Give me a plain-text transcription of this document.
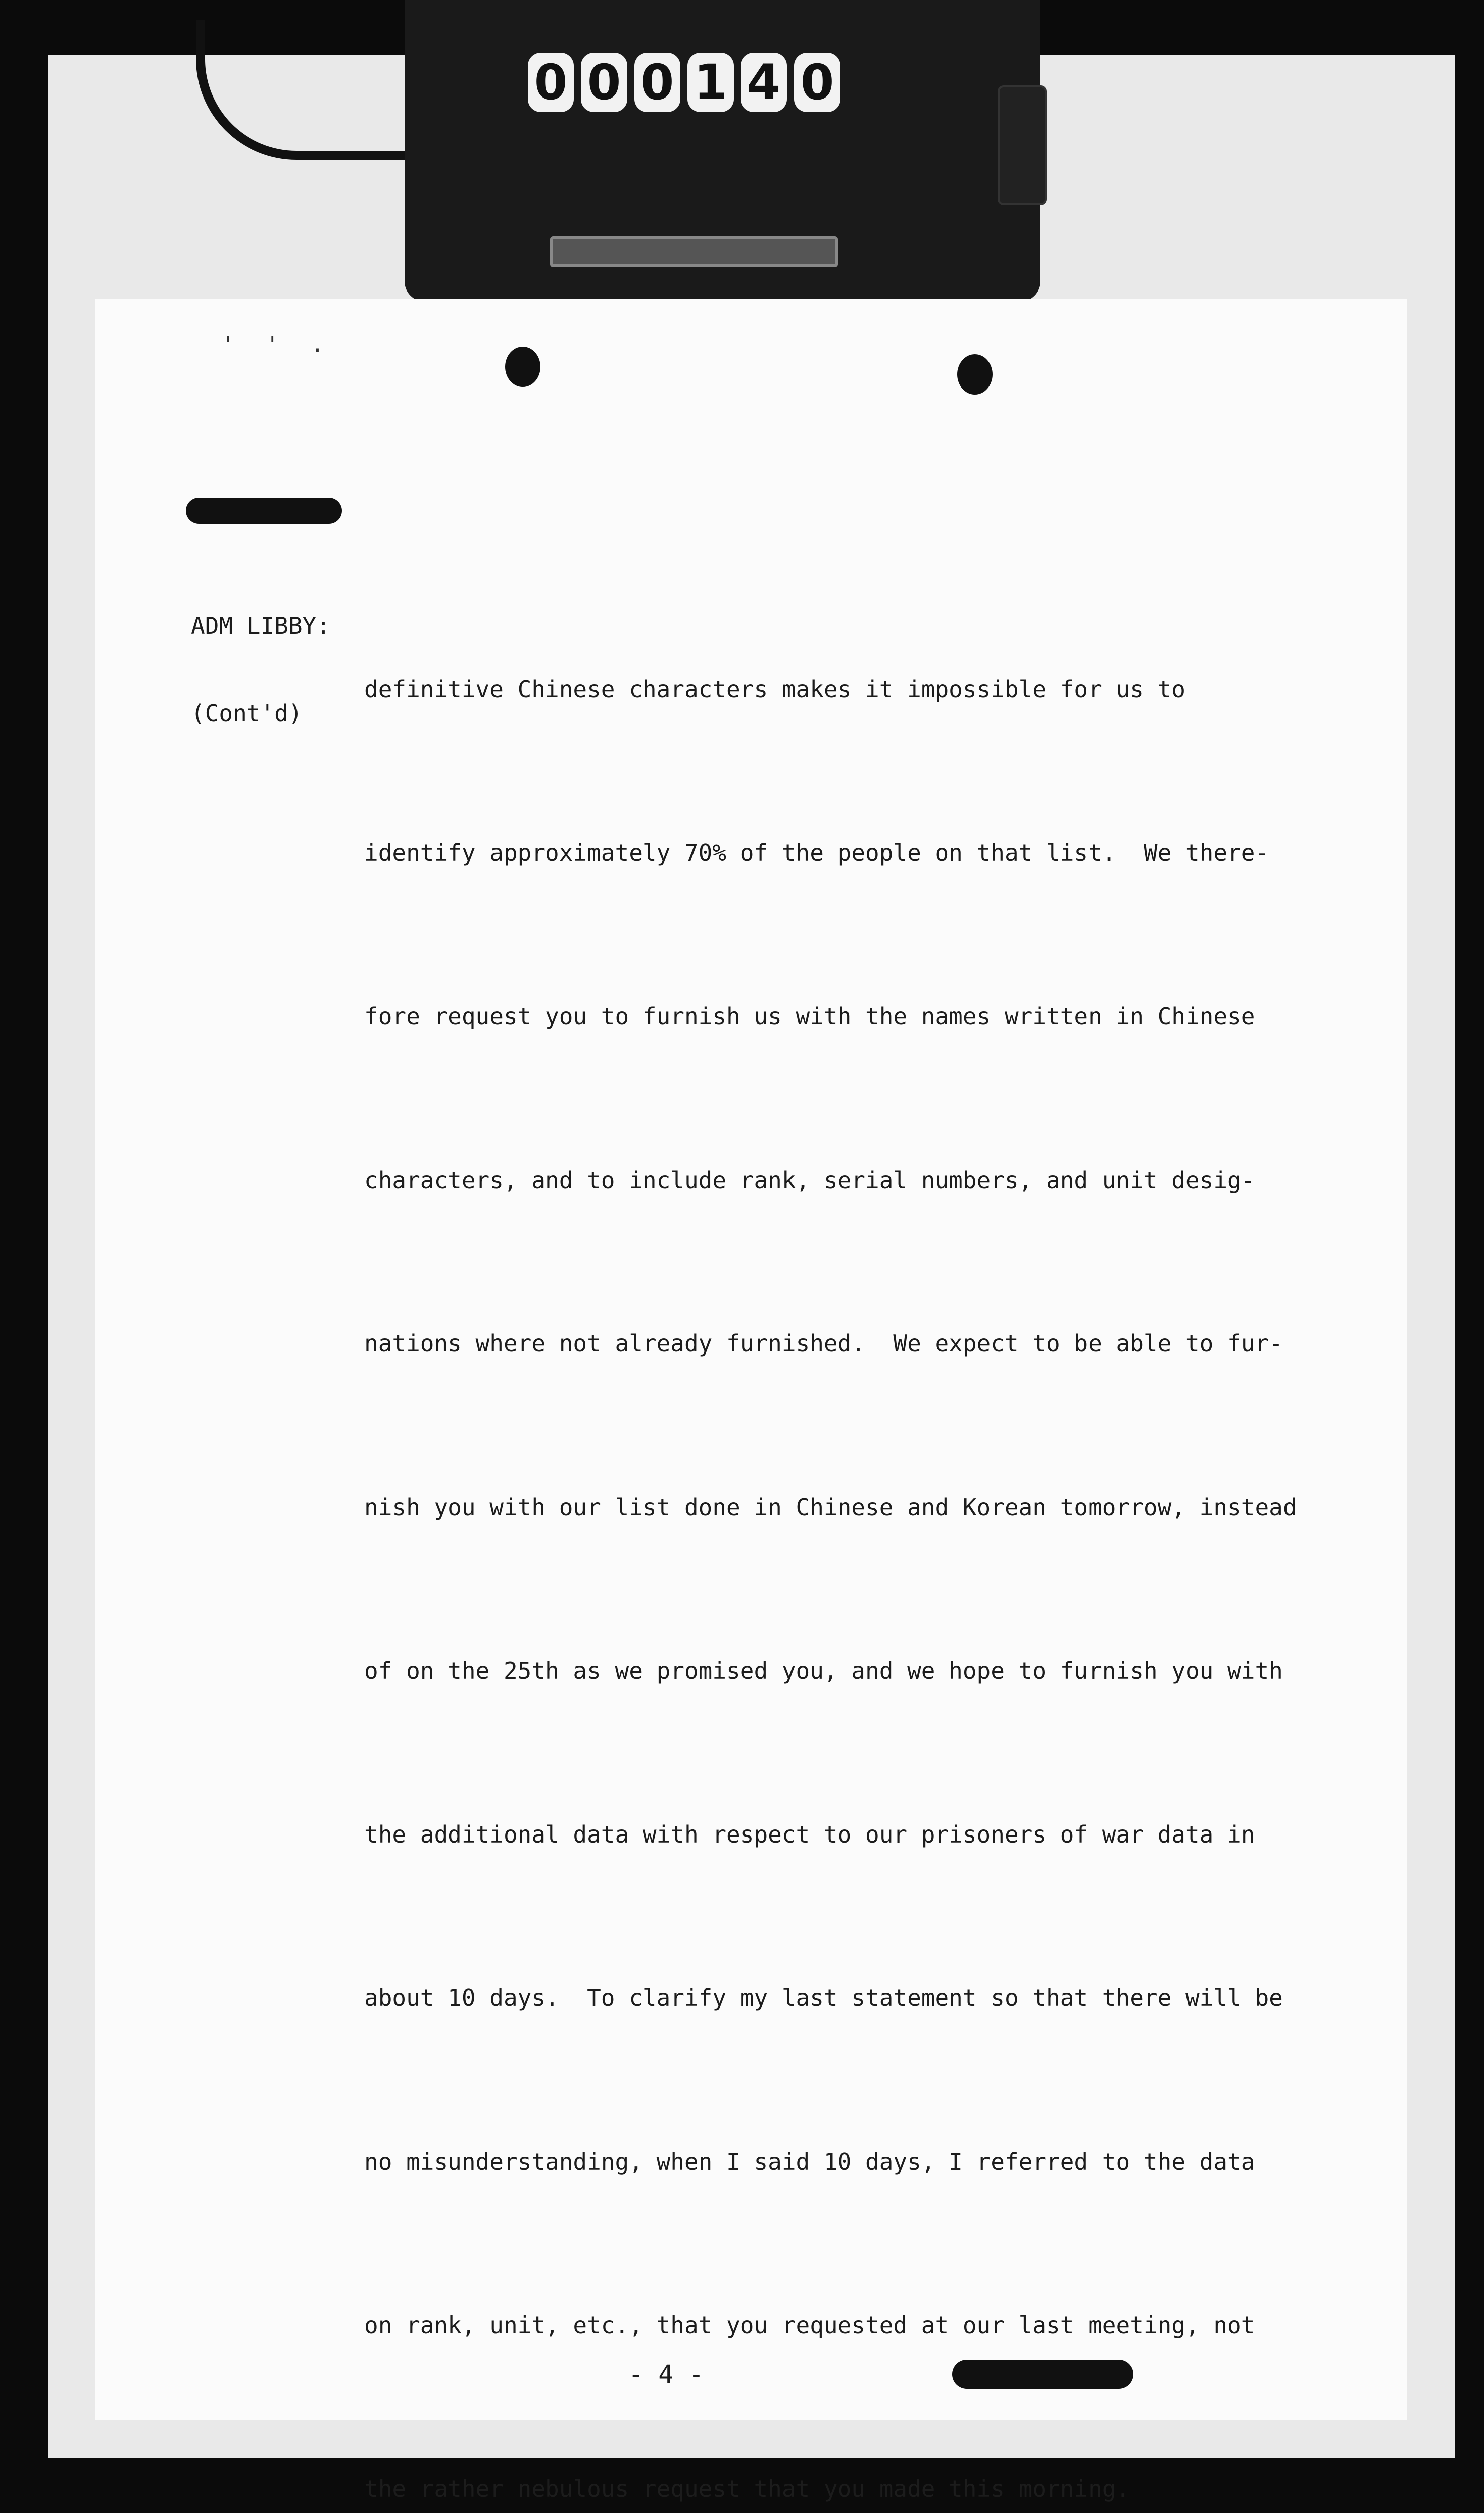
0 0 0 1 4 0
' ' .

ADM LIBBY:

(Cont'd)

definitive Chinese characters makes it impossible for us to

identify approximately 70% of the people on that list.  We there-

fore request you to furnish us with the names written in Chinese

characters, and to include rank, serial numbers, and unit desig-

nations where not already furnished.  We expect to be able to fur-

nish you with our list done in Chinese and Korean tomorrow, instead

of on the 25th as we promised you, and we hope to furnish you with

the additional data with respect to our prisoners of war data in

about 10 days.  To clarify my last statement so that there will be

no misunderstanding, when I said 10 days, I referred to the data

on rank, unit, etc., that you requested at our last meeting, not

the rather nebulous request that you made this morning.

- 4 -
